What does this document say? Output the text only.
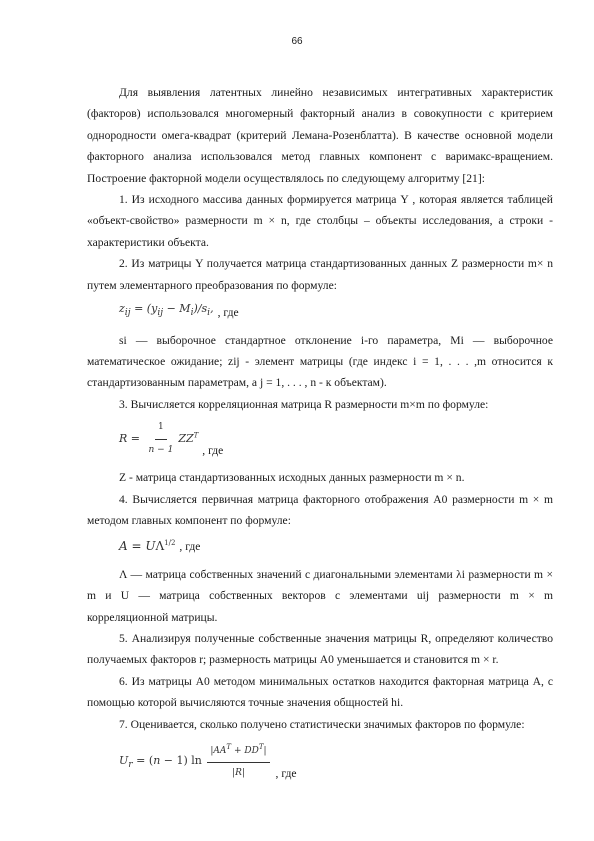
66

Для выявления латентных линейно независимых интегративных характеристик (факторов) использовался многомерный факторный анализ в совокупности с критерием однородности омега-квадрат (критерий Лемана-Розенблатта). В качестве основной модели факторного анализа использовался метод главных компонент с варимакс-вращением. Построение факторной модели осуществлялось по следующему алгоритму [21]:

1. Из исходного массива данных формируется матрица Y , которая является таблицей «объект-свойство» размерности m × n, где столбцы – объекты исследования, а строки - характеристики объекта.

2. Из матрицы Y получается матрица стандартизованных данных Z размерности m× n путем элементарного преобразования по формуле:

$z_{ij} = (y_{ij} - M_i)/s_i$, , где

si — выборочное стандартное отклонение i-го параметра, Mi — выборочное математическое ожидание; zij - элемент матрицы (где индекс i = 1, . . . ,m относится к стандартизованным параметрам, а j = 1, . . . , n - к объектам).

3. Вычисляется корреляционная матрица R размерности m×m по формуле:

$R = \frac{1}{n - 1} ZZ^T$
, где

Z - матрица стандартизованных исходных данных размерности m × n.

4. Вычисляется первичная матрица факторного отображения A0 размерности m × m методом главных компонент по формуле:

$A = U\Lambda^{1/2}$ , где

Λ — матрица собственных значений с диагональными элементами λi размерности m × m и U — матрица собственных векторов с элементами uij размерности m × m корреляционной матрицы.

5. Анализируя полученные собственные значения матрицы R, определяют количество получаемых факторов r; размерность матрицы A0 уменьшается и становится m × r.

6. Из матрицы A0 методом минимальных остатков находится факторная матрица A, с помощью которой вычисляются точные значения общностей hi.

7. Оценивается, сколько получено статистически значимых факторов по формуле:

$U_r = (n - 1)$ $\ln \frac{|AA^T + DD^T|}{|R|}$ , где
